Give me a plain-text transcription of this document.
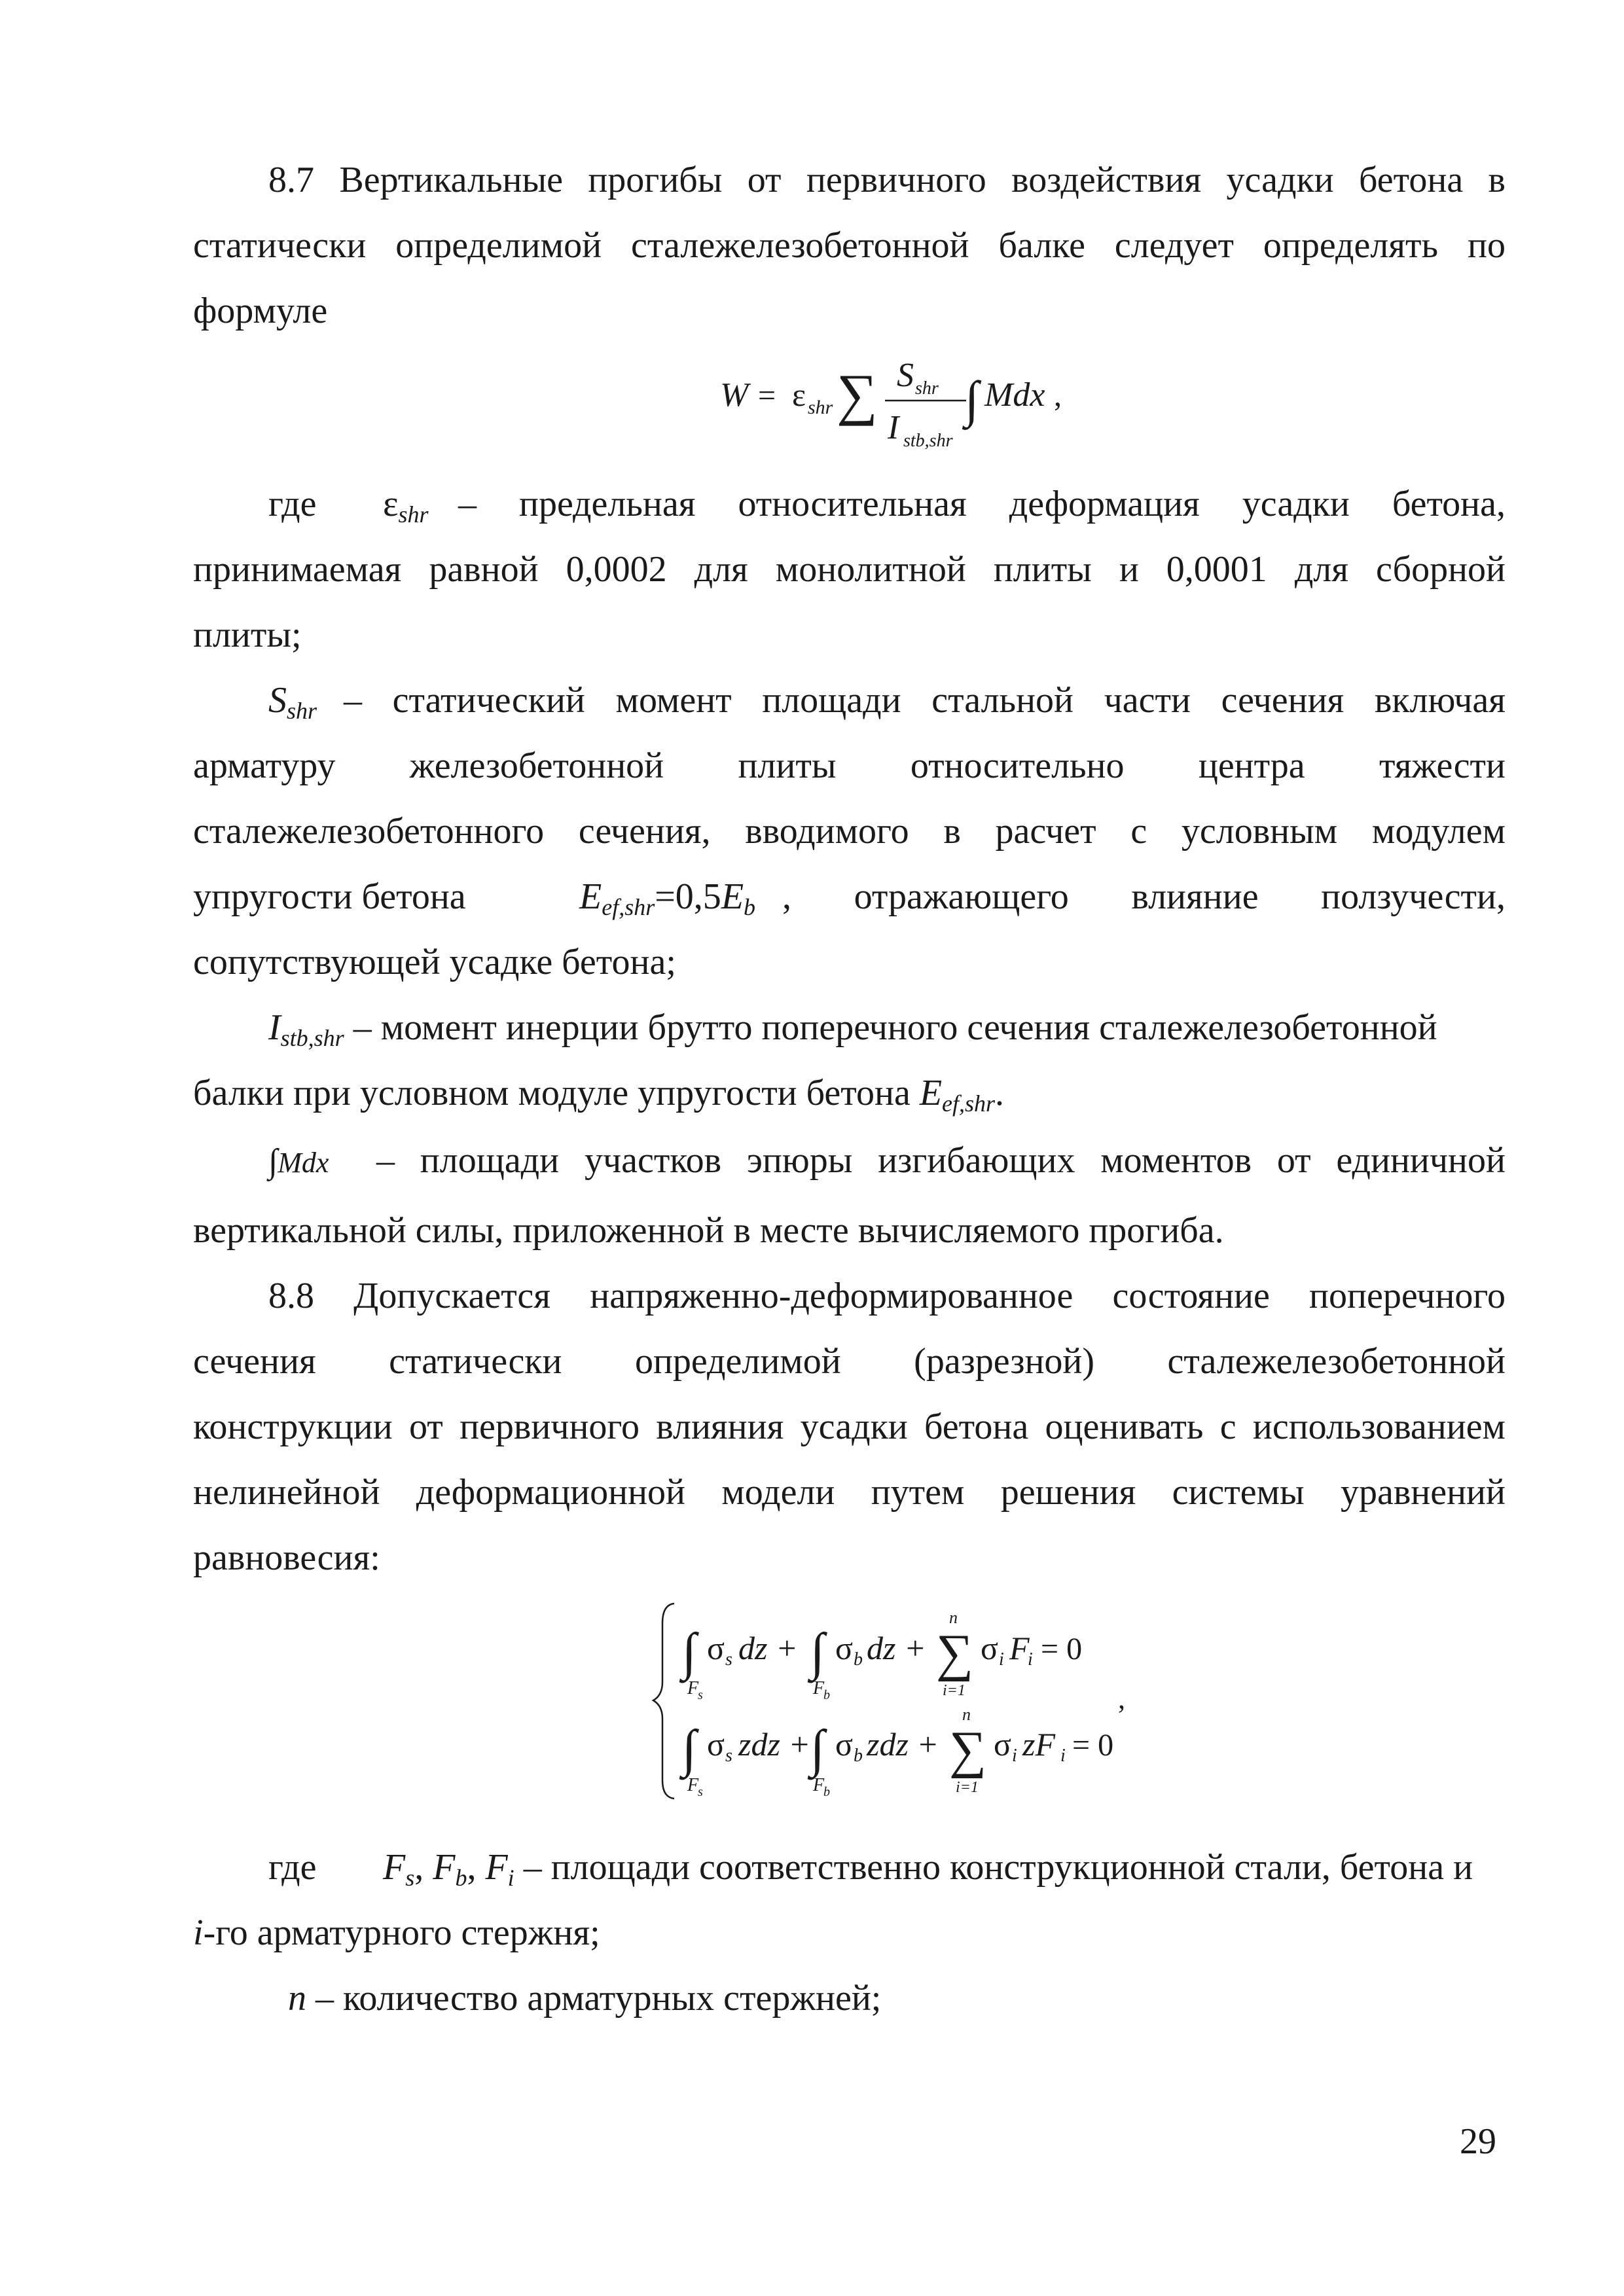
8.7 Вертикальные прогибы от первичного воздействия усадки бетона в
статически определимой сталежелезобетонной балке следует определять по
формуле
W = ε shr ∑ S shr
I stb,shr
∫ Mdx ,
где $\varepsilon_{shr}$ – предельная относительная деформация усадки бетона,
принимаемая равной 0,0002 для монолитной плиты и 0,0001 для сборной
плиты;
$S_{shr}$ – статический момент площади стальной части сечения включая
арматуру железобетонной плиты относительно центра тяжести
сталежелезобетонного сечения, вводимого в расчет с условным модулем
упругости бетона	$E_{ef,shr}=0,5E_b$ , отражающего влияние ползучести,
сопутствующей усадке бетона;
$I_{stb,shr}$ – момент инерции брутто поперечного сечения сталежелезобетонной
балки при условном модуле упругости бетона $E_{ef,shr}$.
∫Mdx – площади участков эпюры изгибающих моментов от единичной
вертикальной силы, приложенной в месте вычисляемого прогиба.
8.8 Допускается напряженно-деформированное состояние поперечного
сечения статически определимой (разрезной) сталежелезобетонной
конструкции от первичного влияния усадки бетона оценивать с использованием
нелинейной деформационной модели путем решения системы уравнений
равновесия:
∫ σ s dz +
F
s
∫ σ b dz +
F
b
∑
n
i=1
σ i F
i = 0
∫ σ s zdz +
F
s
∫ σ b zdz +
F
b
∑
n
i=1
σ i zF i = 0
,
где $F_s$, $F_b$, $F_i$ – площади соответственно конструкционной стали, бетона и
i-го арматурного стержня;
n – количество арматурных стержней;
29
